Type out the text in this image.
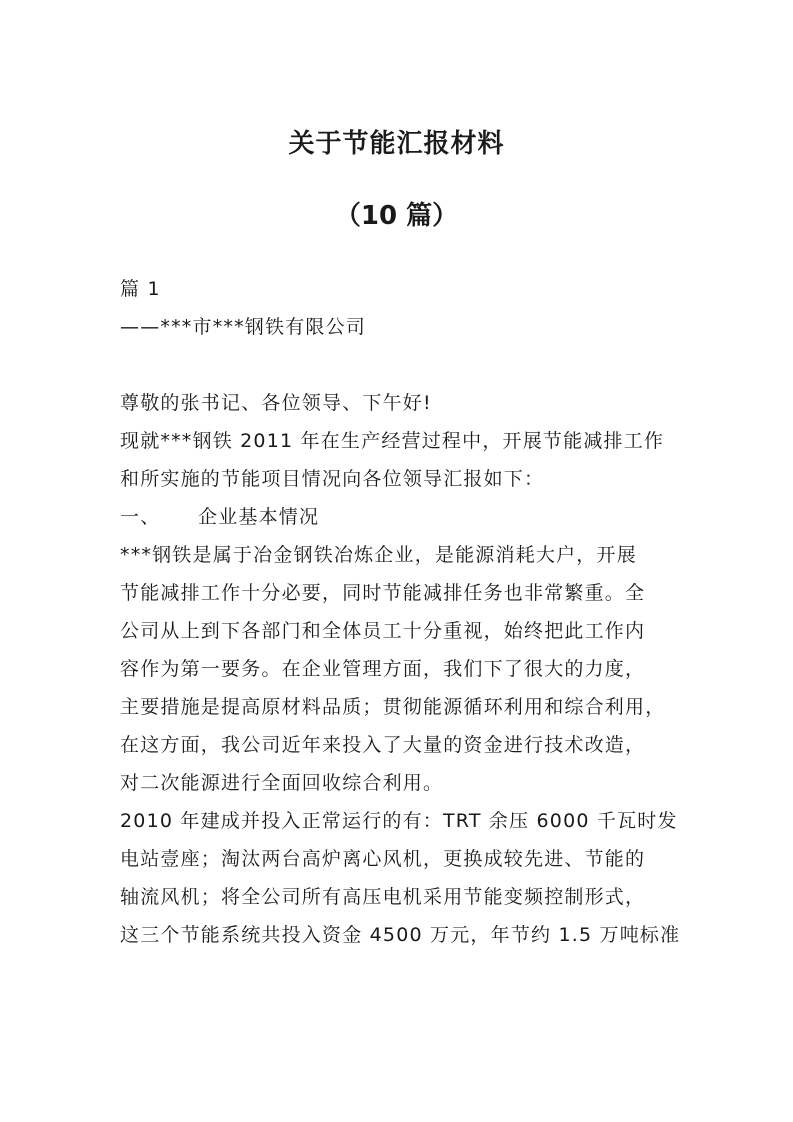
关于节能汇报材料
（10 篇）
篇 1
——***市***钢铁有限公司
尊敬的张书记、各位领导、下午好!
现就***钢铁 2011 年在生产经营过程中，开展节能减排工作
和所实施的节能项目情况向各位领导汇报如下：
一、 企业基本情况
***钢铁是属于冶金钢铁冶炼企业，是能源消耗大户，开展
节能减排工作十分必要，同时节能减排任务也非常繁重。全
公司从上到下各部门和全体员工十分重视，始终把此工作内
容作为第一要务。在企业管理方面，我们下了很大的力度，
主要措施是提高原材料品质；贯彻能源循环利用和综合利用，
在这方面，我公司近年来投入了大量的资金进行技术改造，
对二次能源进行全面回收综合利用。
2010 年建成并投入正常运行的有：TRT 余压 6000 千瓦时发
电站壹座；淘汰两台高炉离心风机，更换成较先进、节能的
轴流风机；将全公司所有高压电机采用节能变频控制形式，
这三个节能系统共投入资金 4500 万元，年节约 1.5 万吨标准
